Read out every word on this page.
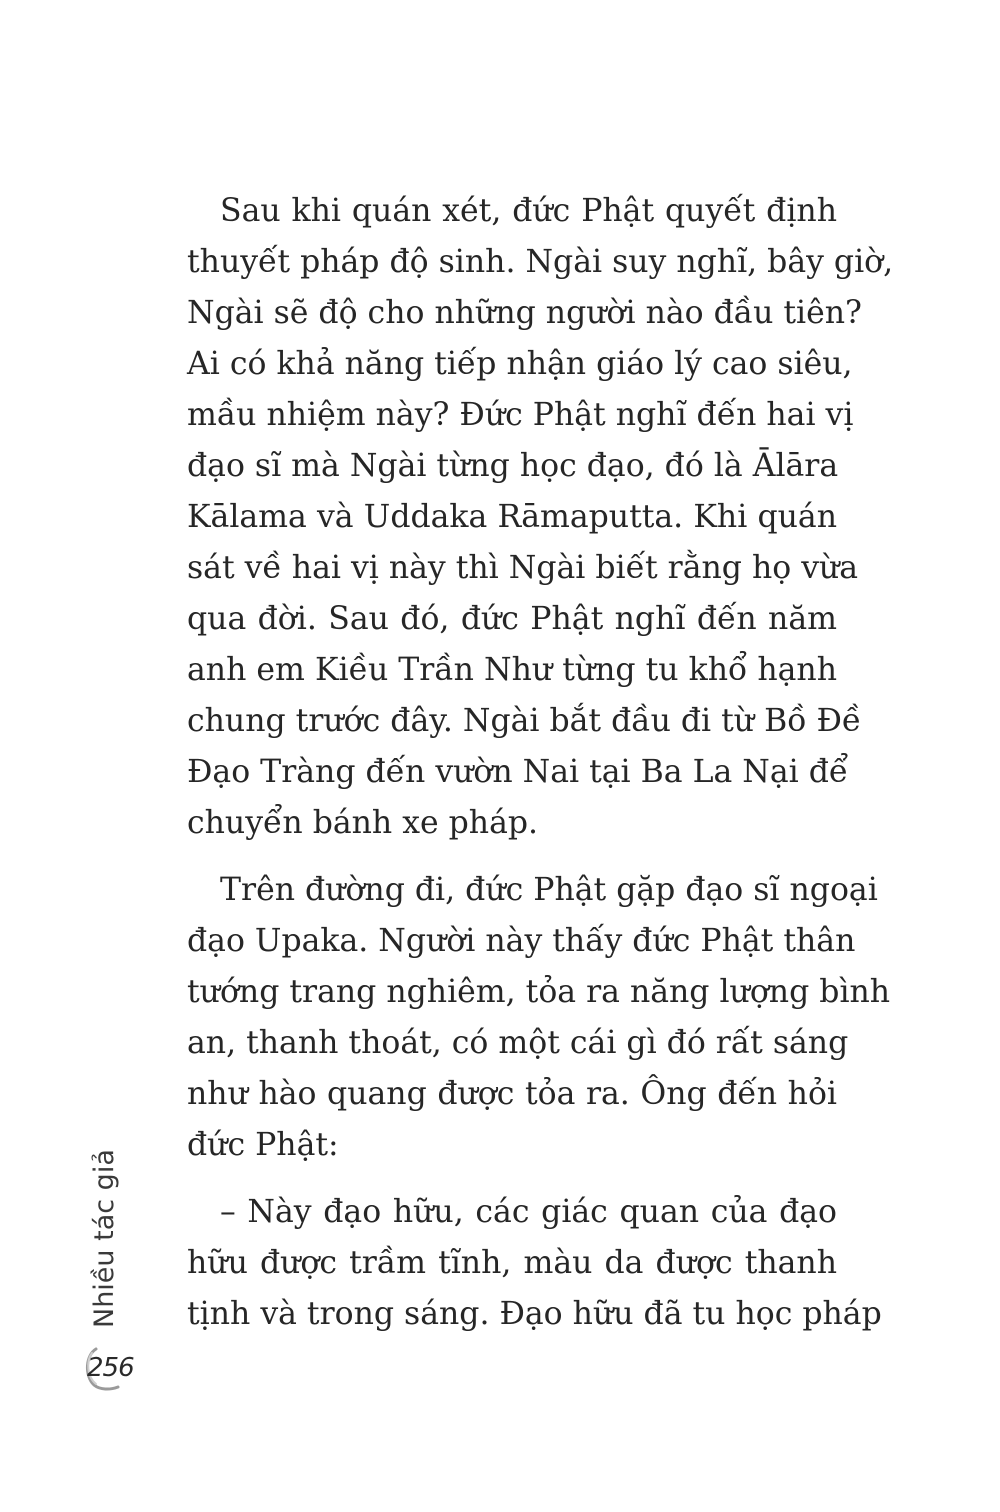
Sau khi quán xét, đức Phật quyết định
thuyết pháp độ sinh. Ngài suy nghĩ, bây giờ,
Ngài sẽ độ cho những người nào đầu tiên?
Ai có khả năng tiếp nhận giáo lý cao siêu,
mầu nhiệm này? Đức Phật nghĩ đến hai vị
đạo sĩ mà Ngài từng học đạo, đó là Ālāra
Kālama và Uddaka Rāmaputta. Khi quán
sát về hai vị này thì Ngài biết rằng họ vừa
qua đời. Sau đó, đức Phật nghĩ đến năm
anh em Kiều Trần Như từng tu khổ hạnh
chung trước đây. Ngài bắt đầu đi từ Bồ Đề
Đạo Tràng đến vườn Nai tại Ba La Nại để
chuyển bánh xe pháp.

Trên đường đi, đức Phật gặp đạo sĩ ngoại
đạo Upaka. Người này thấy đức Phật thân
tướng trang nghiêm, tỏa ra năng lượng bình
an, thanh thoát, có một cái gì đó rất sáng
như hào quang được tỏa ra. Ông đến hỏi
đức Phật:

– Này đạo hữu, các giác quan của đạo
hữu được trầm tĩnh, màu da được thanh
tịnh và trong sáng. Đạo hữu đã tu học pháp

Nhiều tác giả
256
